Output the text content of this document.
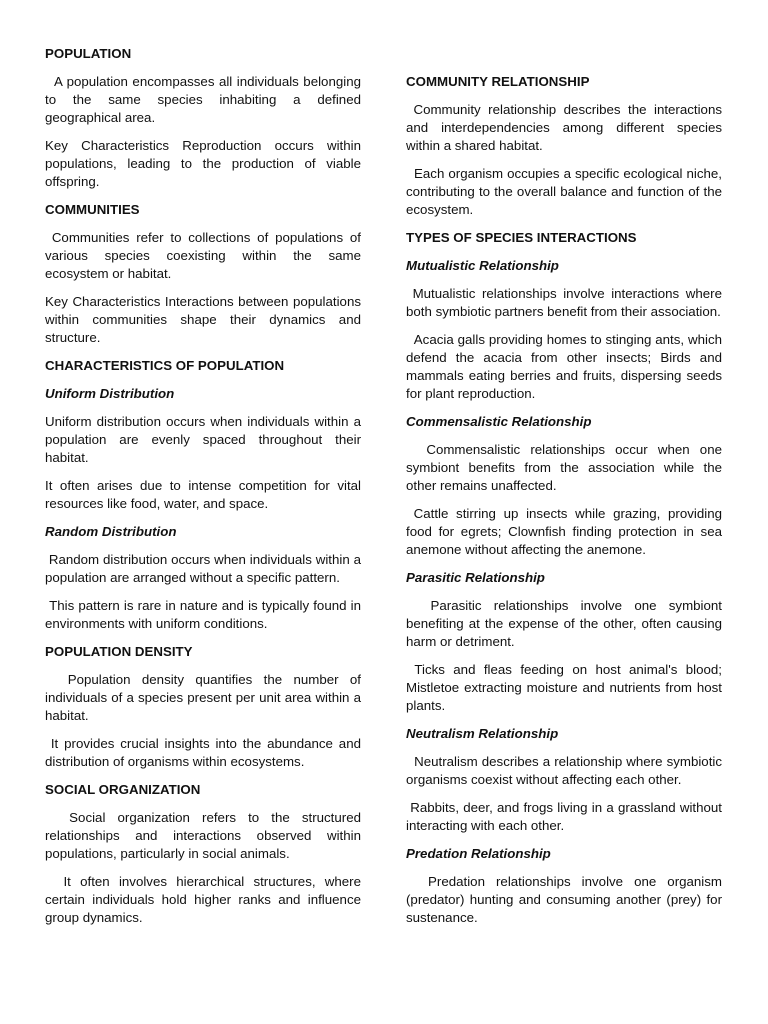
POPULATION

A population encompasses all individuals belonging to the same species inhabiting a defined geographical area.

Key Characteristics Reproduction occurs within populations, leading to the production of viable offspring.

COMMUNITIES

Communities refer to collections of populations of various species coexisting within the same ecosystem or habitat.

Key Characteristics Interactions between populations within communities shape their dynamics and structure.

CHARACTERISTICS OF POPULATION
Uniform Distribution

Uniform distribution occurs when individuals within a population are evenly spaced throughout their habitat.

It often arises due to intense competition for vital resources like food, water, and space.

Random Distribution

Random distribution occurs when individuals within a population are arranged without a specific pattern.

This pattern is rare in nature and is typically found in environments with uniform conditions.

POPULATION DENSITY

Population density quantifies the number of individuals of a species present per unit area within a habitat.

It provides crucial insights into the abundance and distribution of organisms within ecosystems.

SOCIAL ORGANIZATION

Social organization refers to the structured relationships and interactions observed within populations, particularly in social animals.

It often involves hierarchical structures, where certain individuals hold higher ranks and influence group dynamics.

COMMUNITY RELATIONSHIP

Community relationship describes the interactions and interdependencies among different species within a shared habitat.

Each organism occupies a specific ecological niche, contributing to the overall balance and function of the ecosystem.

TYPES OF SPECIES INTERACTIONS
Mutualistic Relationship

Mutualistic relationships involve interactions where both symbiotic partners benefit from their association.

Acacia galls providing homes to stinging ants, which defend the acacia from other insects; Birds and mammals eating berries and fruits, dispersing seeds for plant reproduction.

Commensalistic Relationship

Commensalistic relationships occur when one symbiont benefits from the association while the other remains unaffected.

Cattle stirring up insects while grazing, providing food for egrets; Clownfish finding protection in sea anemone without affecting the anemone.

Parasitic Relationship

Parasitic relationships involve one symbiont benefiting at the expense of the other, often causing harm or detriment.

Ticks and fleas feeding on host animal's blood; Mistletoe extracting moisture and nutrients from host plants.

Neutralism Relationship

Neutralism describes a relationship where symbiotic organisms coexist without affecting each other.

Rabbits, deer, and frogs living in a grassland without interacting with each other.

Predation Relationship

Predation relationships involve one organism (predator) hunting and consuming another (prey) for sustenance.
